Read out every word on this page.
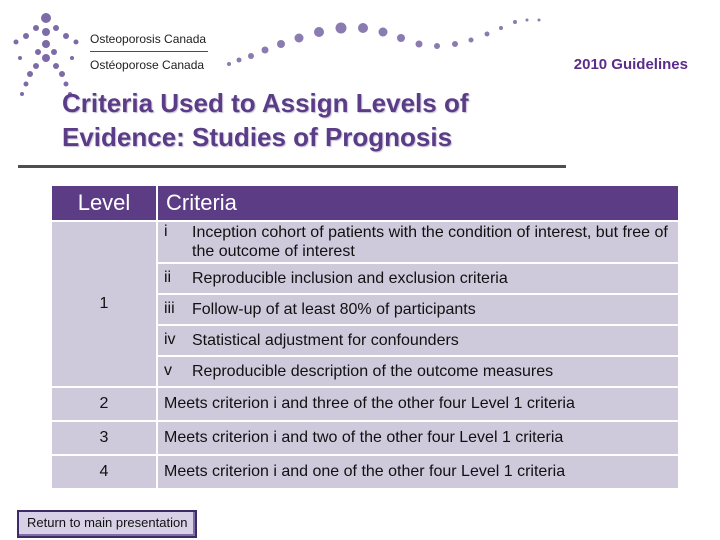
Osteoporosis Canada
Ostéoporose Canada	2010 Guidelines
Criteria Used to Assign Levels of
Evidence: Studies of Prognosis
Level	Criteria
1	i Inception cohort of patients with the condition of interest, but free of the outcome of interest
	ii Reproducible inclusion and exclusion criteria
	iii Follow-up of at least 80% of participants
	iv Statistical adjustment for confounders
	v Reproducible description of the outcome measures
2	Meets criterion i and three of the other four Level 1 criteria
3	Meets criterion i and two of the other four Level 1 criteria
4	Meets criterion i and one of the other four Level 1 criteria
Return to main presentation
